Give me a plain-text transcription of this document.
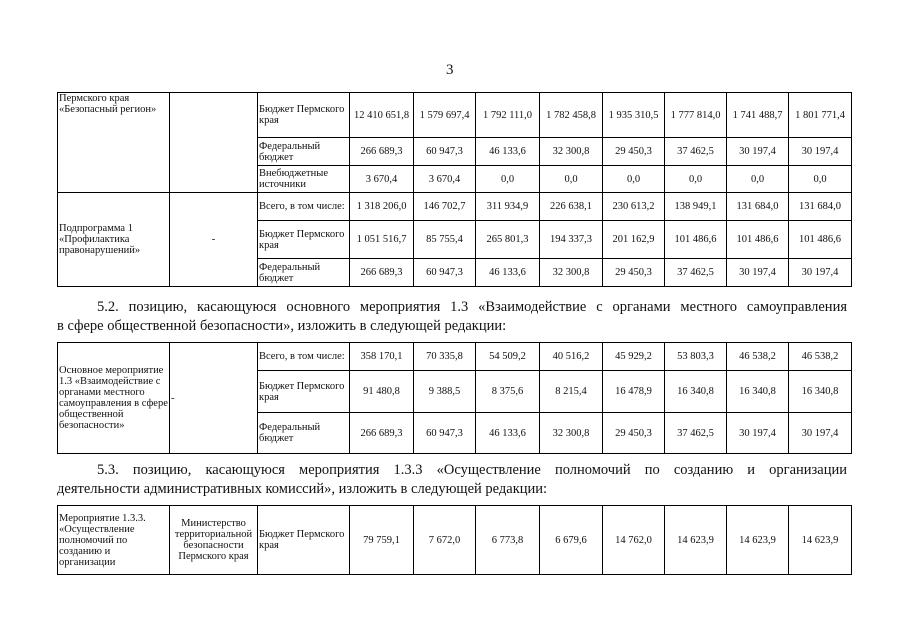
3
Пермского края «Безопасный регион»		Бюджет Пермского края	12 410 651,8	1 579 697,4	1 792 111,0	1 782 458,8	1 935 310,5	1 777 814,0	1 741 488,7	1 801 771,4
		Федеральный бюджет	266 689,3	60 947,3	46 133,6	32 300,8	29 450,3	37 462,5	30 197,4	30 197,4
		Внебюджетные источники	3 670,4	3 670,4	0,0	0,0	0,0	0,0	0,0	0,0
Подпрограмма 1 «Профилактика правонарушений»	-	Всего, в том числе:	1 318 206,0	146 702,7	311 934,9	226 638,1	230 613,2	138 949,1	131 684,0	131 684,0
		Бюджет Пермского края	1 051 516,7	85 755,4	265 801,3	194 337,3	201 162,9	101 486,6	101 486,6	101 486,6
		Федеральный бюджет	266 689,3	60 947,3	46 133,6	32 300,8	29 450,3	37 462,5	30 197,4	30 197,4
5.2. позицию, касающуюся основного мероприятия 1.3 «Взаимодействие с органами местного самоуправления
в сфере общественной безопасности», изложить в следующей редакции:
Основное мероприятие 1.3 «Взаимодействие с органами местного самоуправления в сфере общественной безопасности»	-	Всего, в том числе:	358 170,1	70 335,8	54 509,2	40 516,2	45 929,2	53 803,3	46 538,2	46 538,2
		Бюджет Пермского края	91 480,8	9 388,5	8 375,6	8 215,4	16 478,9	16 340,8	16 340,8	16 340,8
		Федеральный бюджет	266 689,3	60 947,3	46 133,6	32 300,8	29 450,3	37 462,5	30 197,4	30 197,4
5.3. позицию, касающуюся мероприятия 1.3.3 «Осуществление полномочий по созданию и организации
деятельности административных комиссий», изложить в следующей редакции:
Мероприятие 1.3.3. «Осуществление полномочий по созданию и организации	Министерство территориальной безопасности Пермского края	Бюджет Пермского края	79 759,1	7 672,0	6 773,8	6 679,6	14 762,0	14 623,9	14 623,9	14 623,9
